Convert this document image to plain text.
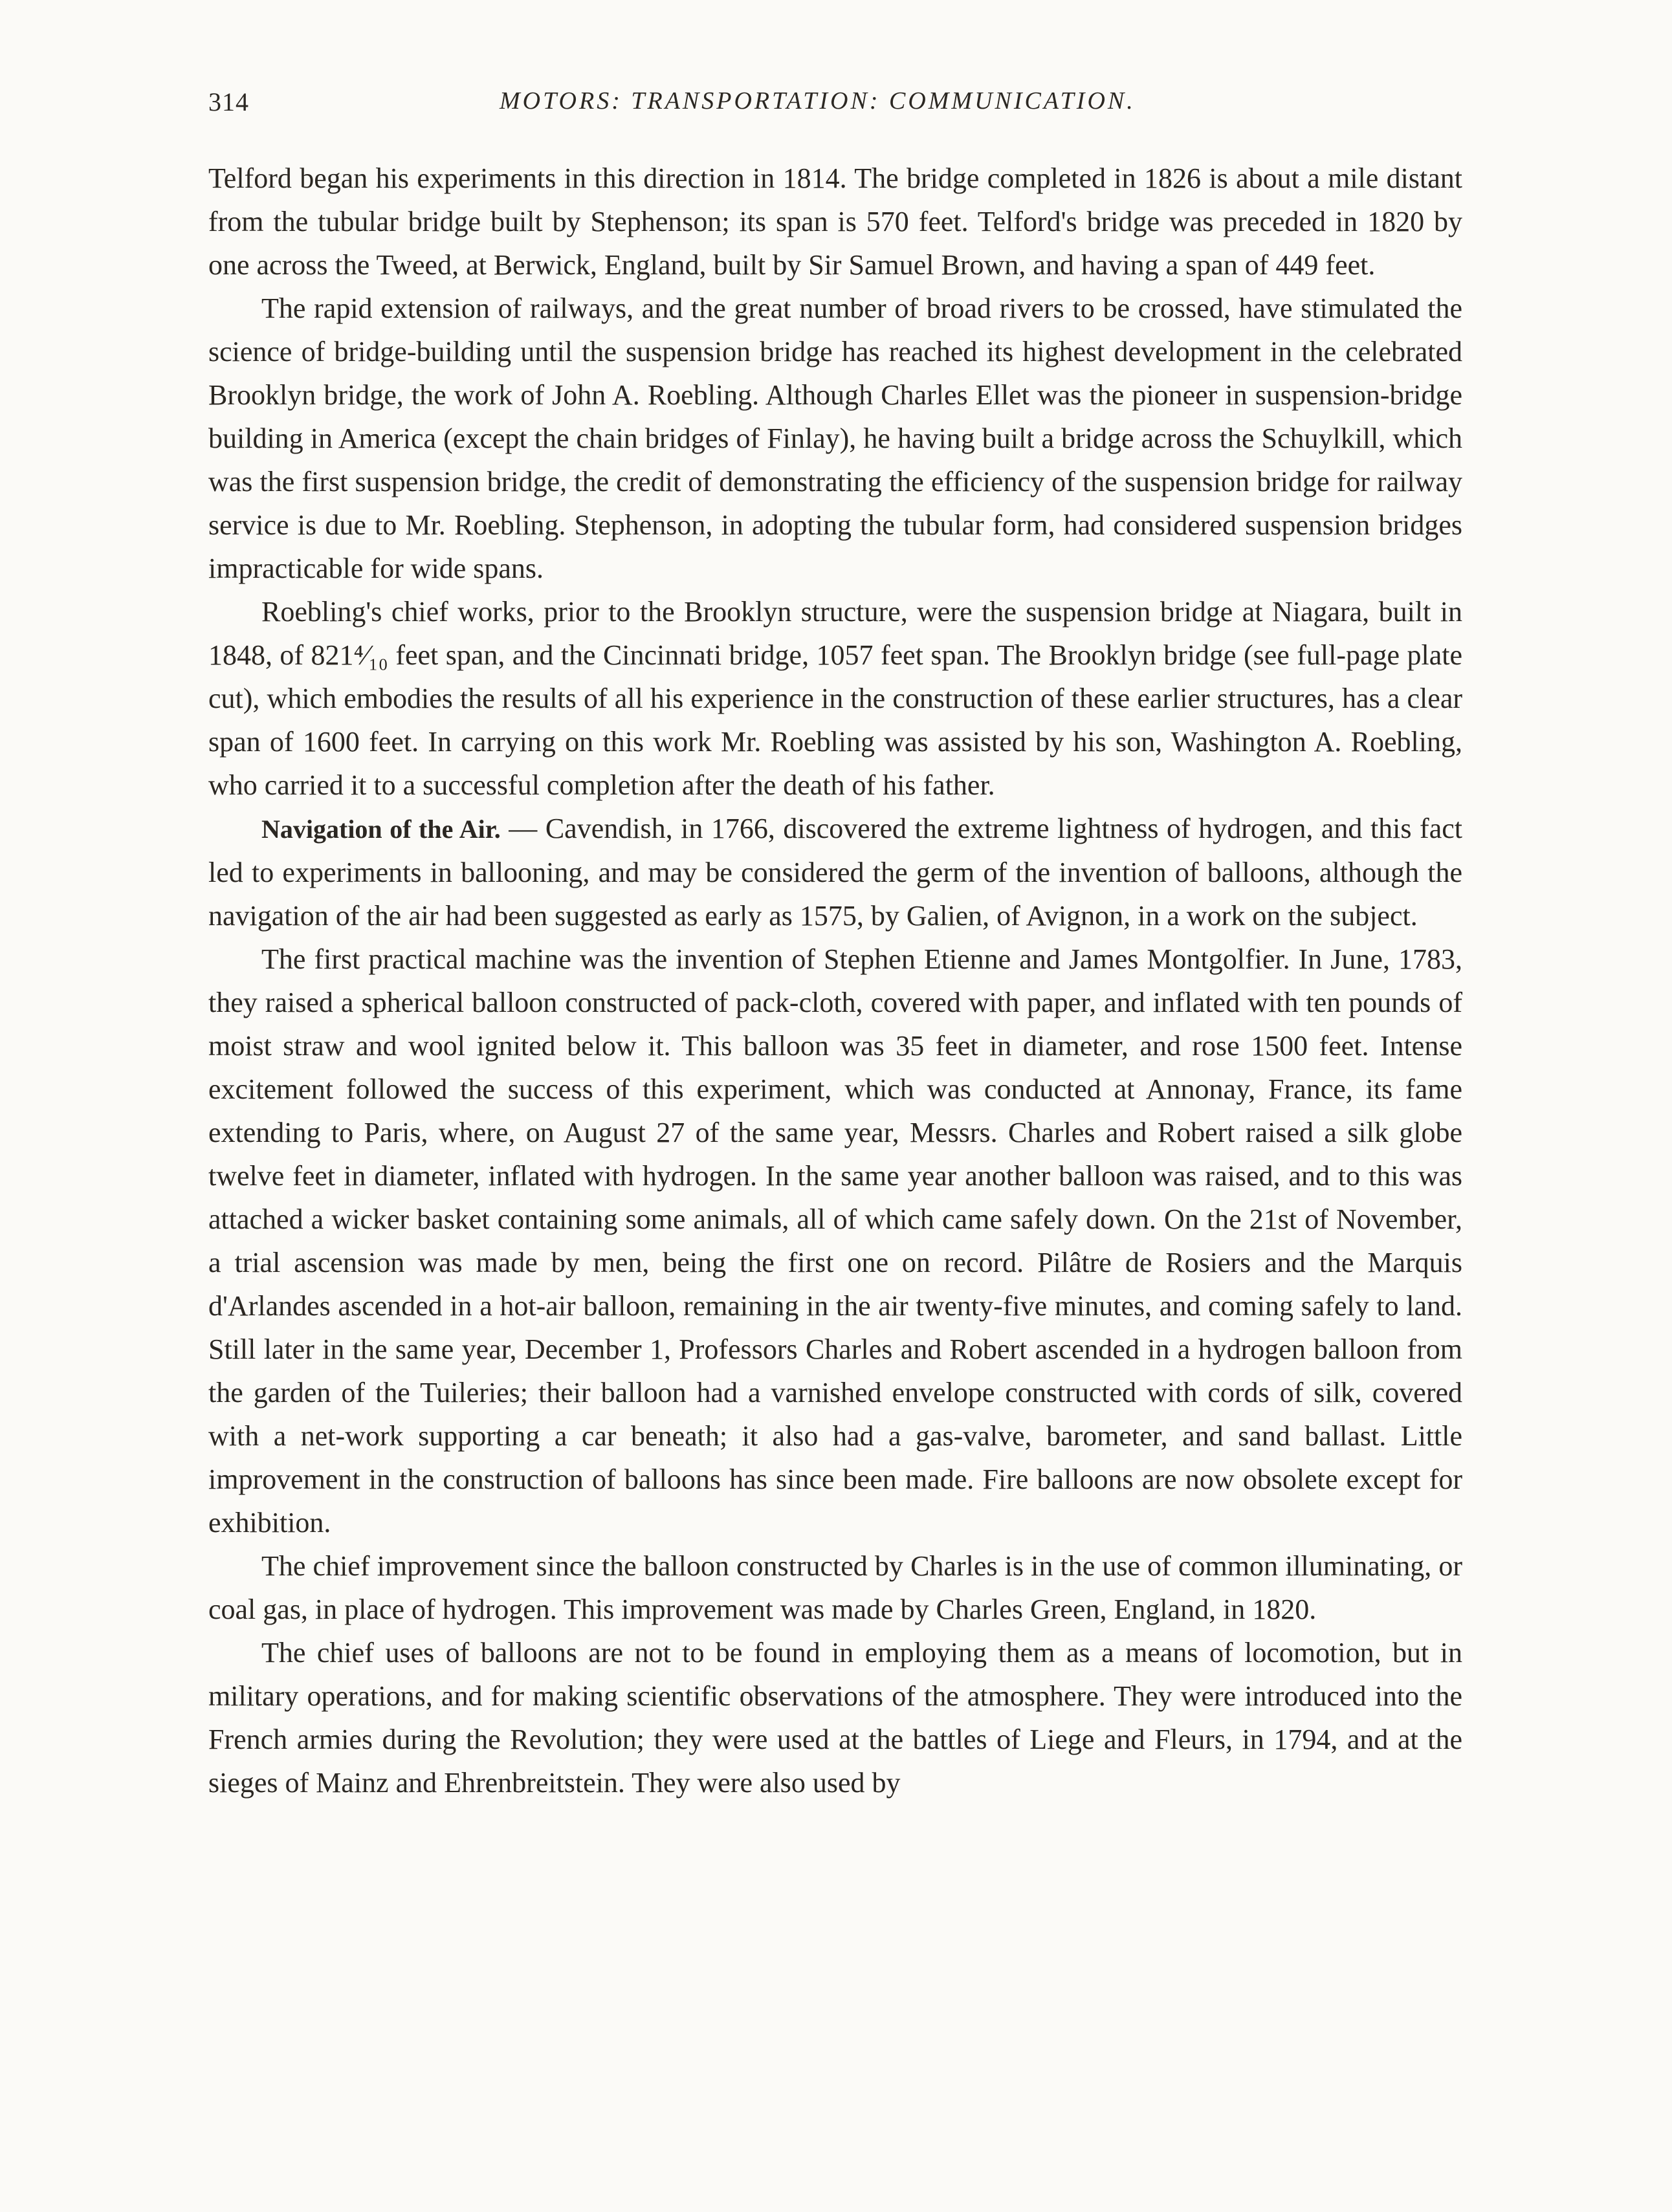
314	MOTORS: TRANSPORTATION: COMMUNICATION.

Telford began his experiments in this direction in 1814. The bridge completed in 1826 is about a mile distant from the tubular bridge built by Stephenson; its span is 570 feet. Telford's bridge was preceded in 1820 by one across the Tweed, at Berwick, England, built by Sir Samuel Brown, and having a span of 449 feet.

The rapid extension of railways, and the great number of broad rivers to be crossed, have stimulated the science of bridge-building until the suspension bridge has reached its highest development in the celebrated Brooklyn bridge, the work of John A. Roebling. Although Charles Ellet was the pioneer in suspension-bridge building in America (except the chain bridges of Finlay), he having built a bridge across the Schuylkill, which was the first suspension bridge, the credit of demonstrating the efficiency of the suspension bridge for railway service is due to Mr. Roebling. Stephenson, in adopting the tubular form, had considered suspension bridges impracticable for wide spans.

Roebling's chief works, prior to the Brooklyn structure, were the suspension bridge at Niagara, built in 1848, of 821⁴⁄₁₀ feet span, and the Cincinnati bridge, 1057 feet span. The Brooklyn bridge (see full-page plate cut), which embodies the results of all his experience in the construction of these earlier structures, has a clear span of 1600 feet. In carrying on this work Mr. Roebling was assisted by his son, Washington A. Roebling, who carried it to a successful completion after the death of his father.

Navigation of the Air. — Cavendish, in 1766, discovered the extreme lightness of hydrogen, and this fact led to experiments in ballooning, and may be considered the germ of the invention of balloons, although the navigation of the air had been suggested as early as 1575, by Galien, of Avignon, in a work on the subject.

The first practical machine was the invention of Stephen Etienne and James Montgolfier. In June, 1783, they raised a spherical balloon constructed of pack-cloth, covered with paper, and inflated with ten pounds of moist straw and wool ignited below it. This balloon was 35 feet in diameter, and rose 1500 feet. Intense excitement followed the success of this experiment, which was conducted at Annonay, France, its fame extending to Paris, where, on August 27 of the same year, Messrs. Charles and Robert raised a silk globe twelve feet in diameter, inflated with hydrogen. In the same year another balloon was raised, and to this was attached a wicker basket containing some animals, all of which came safely down. On the 21st of November, a trial ascension was made by men, being the first one on record. Pilâtre de Rosiers and the Marquis d'Arlandes ascended in a hot-air balloon, remaining in the air twenty-five minutes, and coming safely to land. Still later in the same year, December 1, Professors Charles and Robert ascended in a hydrogen balloon from the garden of the Tuileries; their balloon had a varnished envelope constructed with cords of silk, covered with a net-work supporting a car beneath; it also had a gas-valve, barometer, and sand ballast. Little improvement in the construction of balloons has since been made. Fire balloons are now obsolete except for exhibition.

The chief improvement since the balloon constructed by Charles is in the use of common illuminating, or coal gas, in place of hydrogen. This improvement was made by Charles Green, England, in 1820.

The chief uses of balloons are not to be found in employing them as a means of locomotion, but in military operations, and for making scientific observations of the atmosphere. They were introduced into the French armies during the Revolution; they were used at the battles of Liege and Fleurs, in 1794, and at the sieges of Mainz and Ehrenbreitstein. They were also used by
